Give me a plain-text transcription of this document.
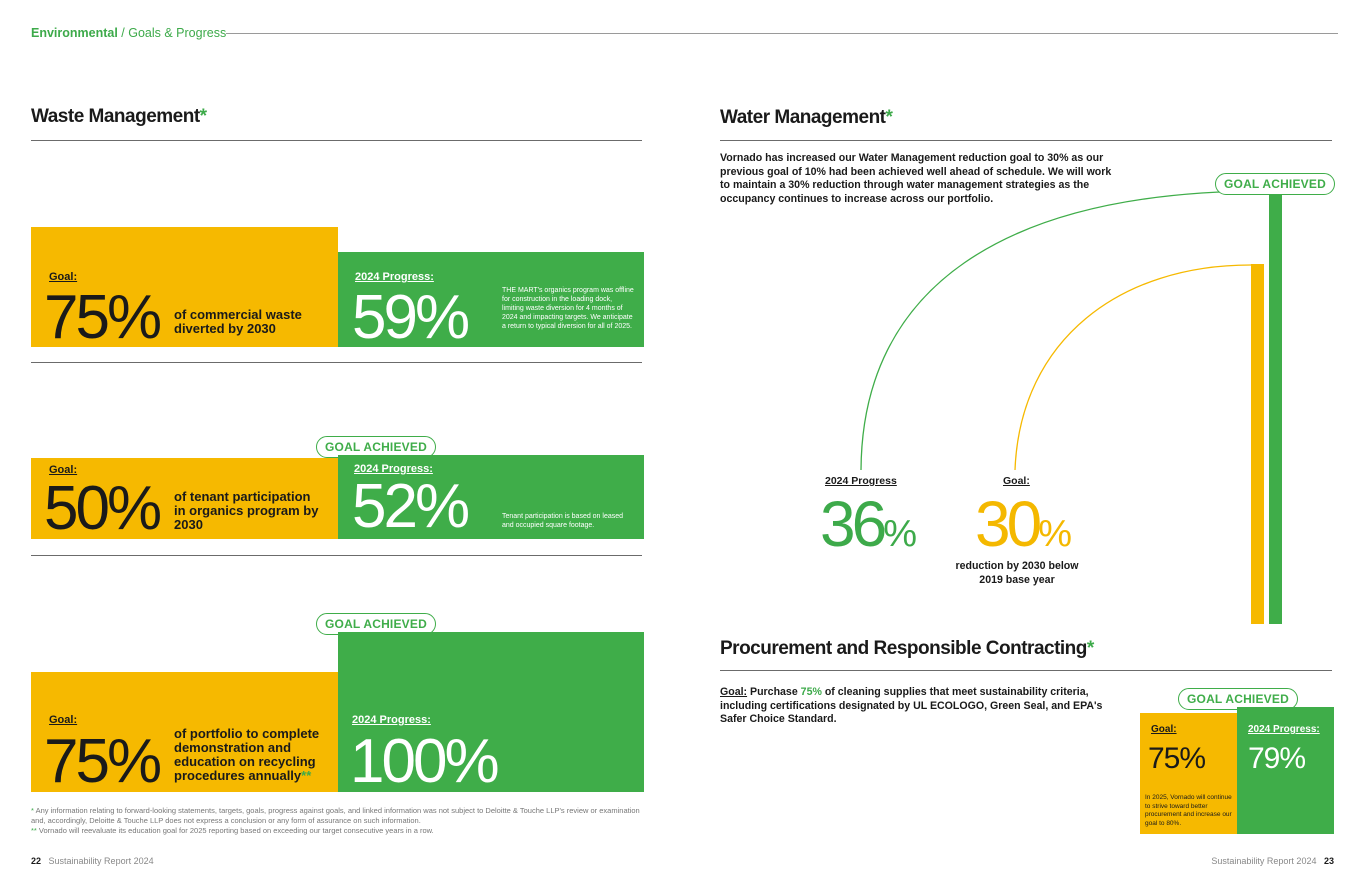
Environmental / Goals & Progress
Waste Management*
Goal:
75% of commercial waste diverted by 2030
2024 Progress:
59%	THE MART's organics program was offline for construction in the loading dock, limiting waste diversion for 4 months of 2024 and impacting targets. We anticipate a return to typical diversion for all of 2025.
GOAL ACHIEVED
Goal:
50% of tenant participation in organics program by 2030
2024 Progress:
52%	Tenant participation is based on leased and occupied square footage.
GOAL ACHIEVED
Goal:
75% of portfolio to complete demonstration and education on recycling procedures annually**
2024 Progress:
100%
* Any information relating to forward-looking statements, targets, goals, progress against goals, and linked information was not subject to Deloitte & Touche LLP's review or examination and, accordingly, Deloitte & Touche LLP does not express a conclusion or any form of assurance on such information.
** Vornado will reevaluate its education goal for 2025 reporting based on exceeding our target consecutive years in a row.
Water Management*
Vornado has increased our Water Management reduction goal to 30% as our previous goal of 10% had been achieved well ahead of schedule. We will work to maintain a 30% reduction through water management strategies as the occupancy continues to increase across our portfolio.
GOAL ACHIEVED
2024 Progress	Goal:
36% 30%
reduction by 2030 below 2019 base year
Procurement and Responsible Contracting*
Goal: Purchase 75% of cleaning supplies that meet sustainability criteria, including certifications designated by UL ECOLOGO, Green Seal, and EPA's Safer Choice Standard.
GOAL ACHIEVED
Goal:
75%
In 2025, Vornado will continue to strive toward better procurement and increase our goal to 80%.
2024 Progress:
79%
22 Sustainability Report 2024	Sustainability Report 2024 23
